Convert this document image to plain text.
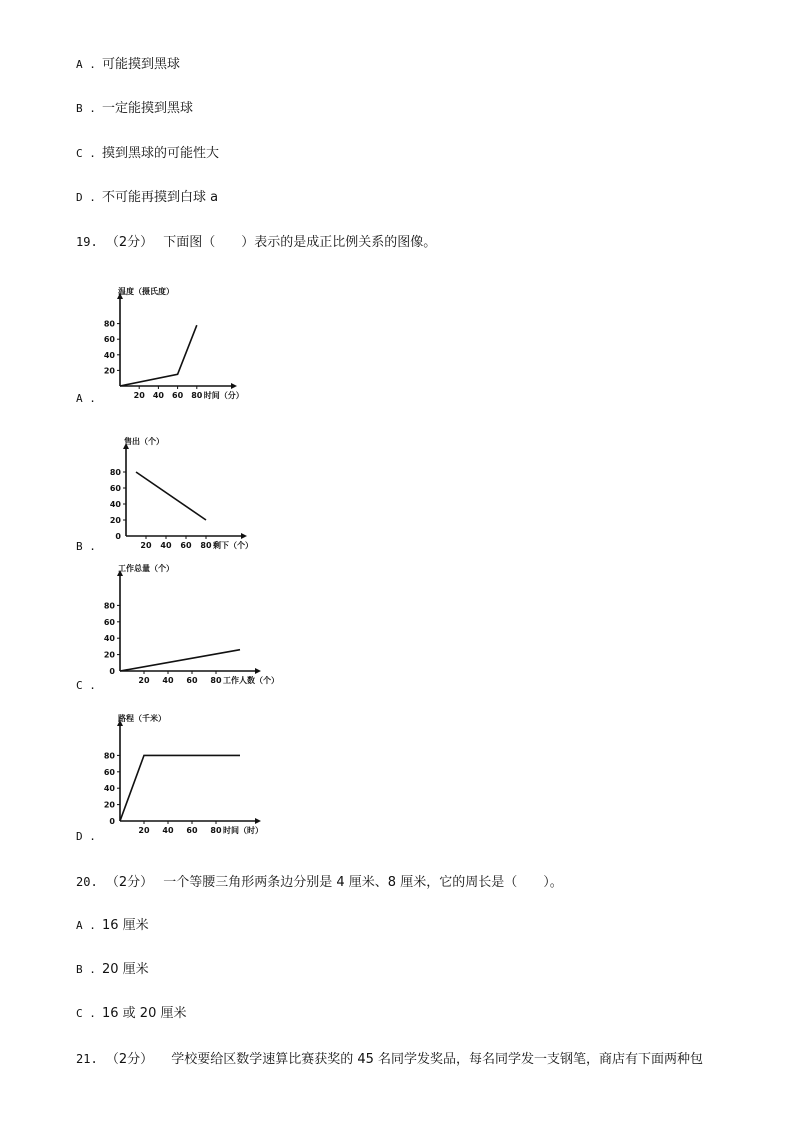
A . 可能摸到黑球
B . 一定能摸到黑球
C . 摸到黑球的可能性大
D . 不可能再摸到白球 a
19. （2分） 下面图（　　）表示的是成正比例关系的图像。
20
40
60
80
20 40 60 80
温度（摄氏度）
时间（分）
A .
0
20
40
60
80
20 40 60 80
售出（个）
剩下（个）
B .
0
20
40
60
80
20 40 60 80
工作总量（个）
工作人数（个）
C .
0
20
40
60
80
20 40 60 80
路程（千米）
时间（时）
D .
20. （2分） 一个等腰三角形两条边分别是 4 厘米、8 厘米，它的周长是（　　）。
A . 16 厘米
B . 20 厘米
C . 16 或 20 厘米
21. （2分） 学校要给区数学速算比赛获奖的 45 名同学发奖品，每名同学发一支钢笔，商店有下面两种包
